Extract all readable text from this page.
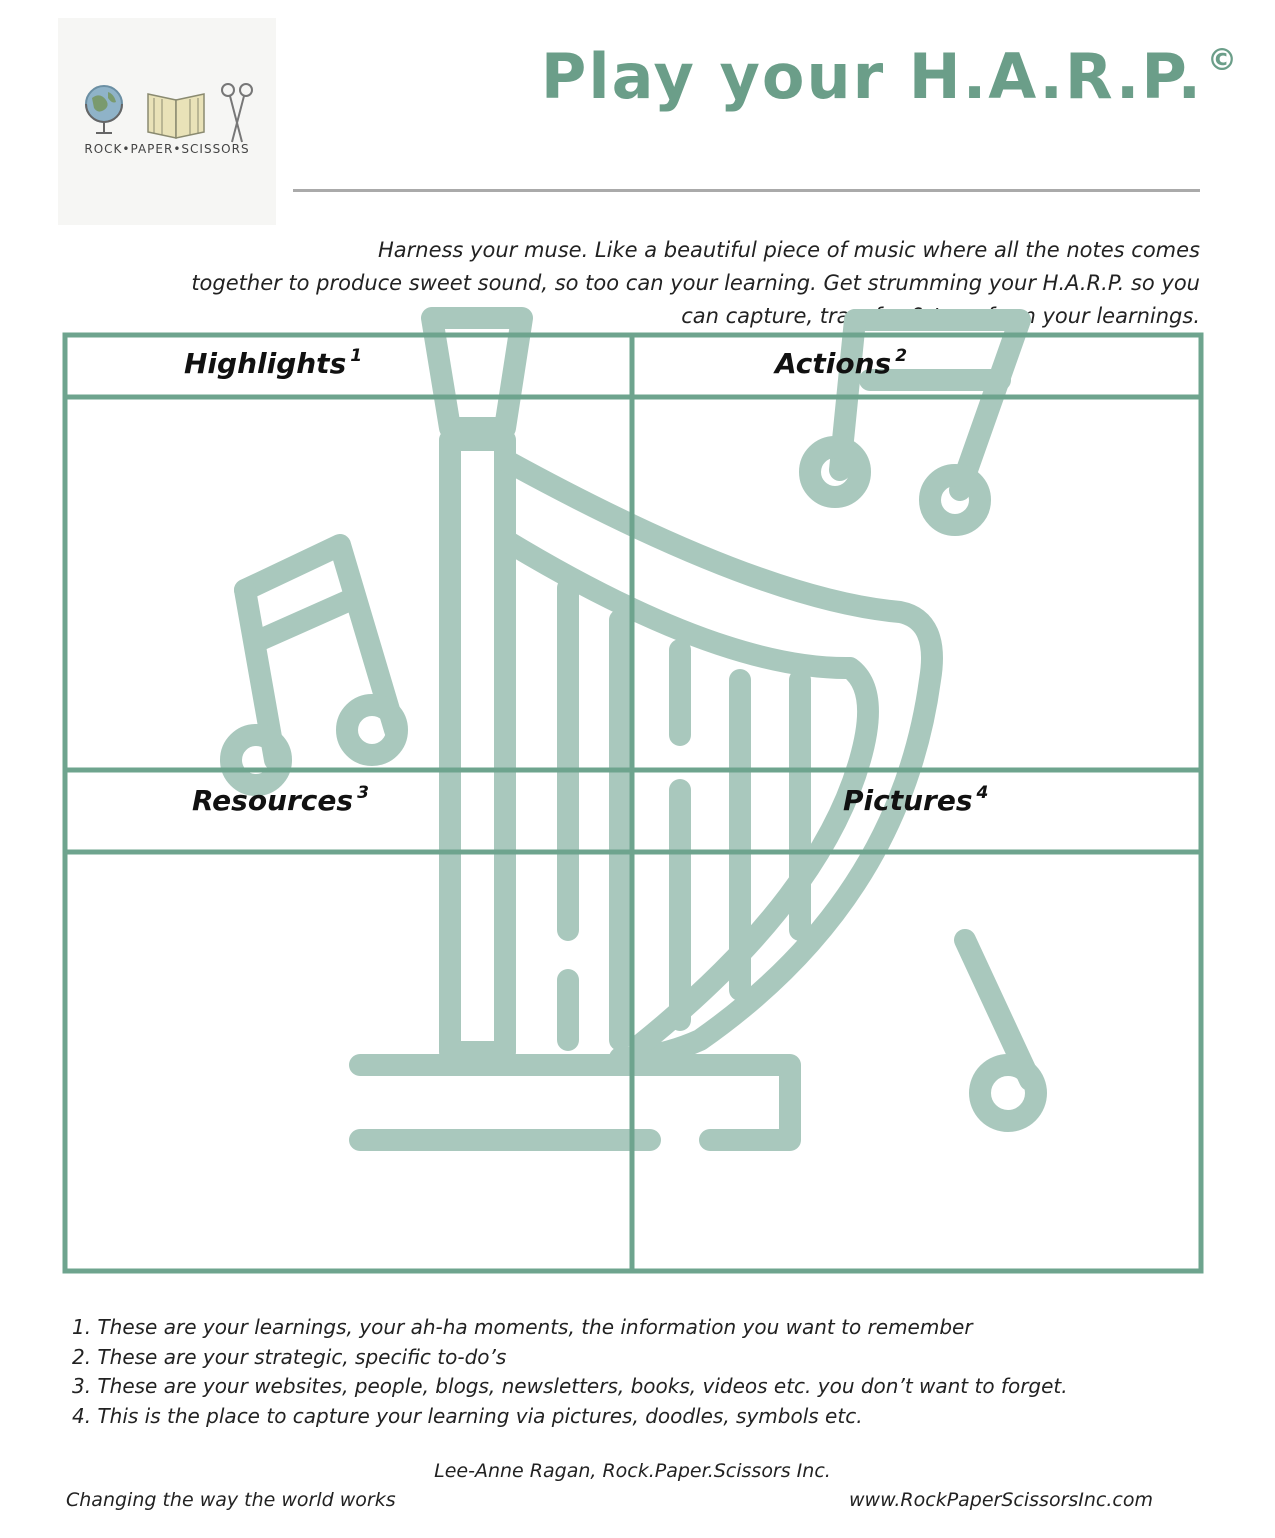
ROCK•PAPER•SCISSORS
Play your H.A.R.P. ©
Harness your muse. Like a beautiful piece of music where all the notes comes
together to produce sweet sound, so too can your learning. Get strumming your H.A.R.P. so you
can capture, transfer & transform your learnings.
Highlights $^1$	Actions $^2$
Resources $^3$	Pictures $^4$
1. These are your learnings, your ah-ha moments, the information you want to remember
2. These are your strategic, specific to-do’s
3. These are your websites, people, blogs, newsletters, books, videos etc. you don’t want to forget.
4. This is the place to capture your learning via pictures, doodles, symbols etc.
Lee-Anne Ragan, Rock.Paper.Scissors Inc.
Changing the way the world works	www.RockPaperScissorsInc.com
